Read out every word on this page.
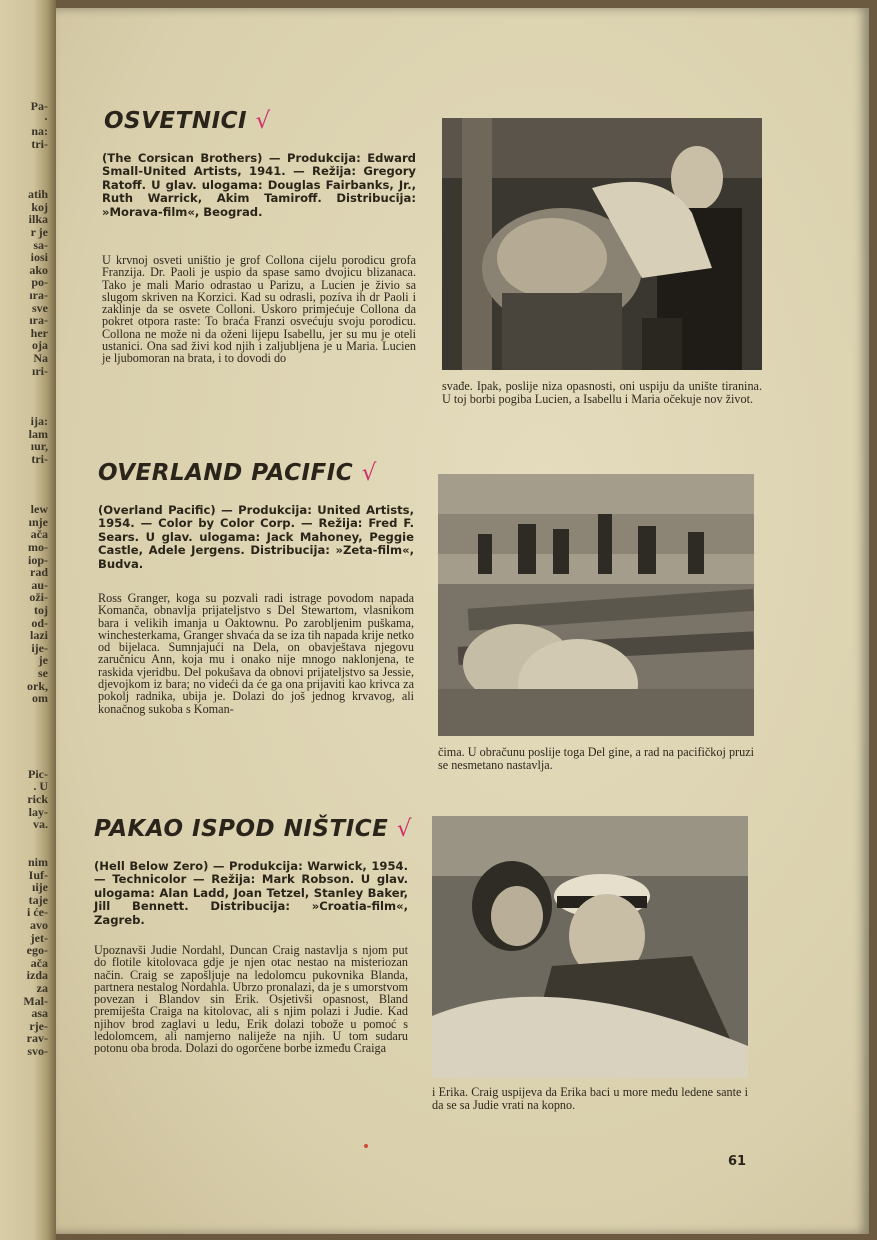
Pa-
·
na:
tri-
atih
koj
ilka
r je
sa-
iosi
ako
po-
ıra-
sve
ıra-
her
oja
Na
ıri-
ija:
lam
ıur,
tri-
lew
ınje
ača
mo-
iop-
rad
au-
oži-
toj
od-
lazi
ije-
je
se
ork,
om
Pic-
. U
rick
lay-
va.
nim
Iuf-
ıije
taje
i će-
avo
jet-
ego-
ača
izda
za
Mal-
asa
rje-
rav-
svo-
OSVETNICI √
(The Corsican Brothers) — Produkcija: Edward Small-United Artists, 1941. — Režija: Gregory Ratoff. U glav. ulogama: Douglas Fairbanks, Jr., Ruth Warrick, Akim Tamiroff. Distribucija: »Morava-film«, Beograd.
U krvnoj osveti uništio je grof Collona cijelu porodicu grofa Franzija. Dr. Paoli je uspio da spase samo dvojicu blizanaca. Tako je mali Mario odrastao u Parizu, a Lucien je živio sa slugom skriven na Korzici. Kad su odrasli, pozíva ih dr Paoli i zaklinje da se osvete Colloni. Uskoro primjećuje Collona da pokret otpora raste: To braća Franzi osvećuju svoju porodicu. Collona ne može ni da oženi lijepu Isabellu, jer su mu je oteli ustanici. Ona sad živi kod njih i zaljubljena je u Maria. Lucien je ljubomoran na brata, i to dovodi do
svađe. Ipak, poslije niza opasnosti, oni uspiju da unište tiranina. U toj borbi pogiba Lucien, a Isabellu i Maria očekuje nov život.
OVERLAND PACIFIC √
(Overland Pacific) — Produkcija: United Artists, 1954. — Color by Color Corp. — Režija: Fred F. Sears. U glav. ulogama: Jack Mahoney, Peggie Castle, Adele Jergens. Distribucija: »Zeta-film«, Budva.
Ross Granger, koga su pozvali radi istrage povodom napada Komanča, obnavlja prijateljstvo s Del Stewartom, vlasnikom bara i velikih imanja u Oaktownu. Po zarobljenim puškama, winchesterkama, Granger shvaća da se iza tih napada krije netko od bijelaca. Sumnjajući na Dela, on obavještava njegovu zaručnicu Ann, koja mu i onako nije mnogo naklonjena, te raskida vjeridbu. Del pokušava da obnovi prijateljstvo sa Jessie, djevojkom iz bara; no videći da će ga ona prijaviti kao krivca za pokolj radnika, ubija je. Dolazi do još jednog krvavog, ali konačnog sukoba s Koman-
čima. U obračunu poslije toga Del gine, a rad na pacifičkoj pruzi se nesmetano nastavlja.
PAKAO ISPOD NIŠTICE √
(Hell Below Zero) — Produkcija: Warwick, 1954. — Technicolor — Režija: Mark Robson. U glav. ulogama: Alan Ladd, Joan Tetzel, Stanley Baker, Jill Bennett. Distribucija: »Croatia-film«, Zagreb.
Upoznavši Judie Nordahl, Duncan Craig nastavlja s njom put do flotile kitolovaca gdje je njen otac nestao na misteriozan način. Craig se zapošljuje na ledolomcu pukovnika Blanda, partnera nestalog Nordahla. Ubrzo pronalazi, da je s umorstvom povezan i Blandov sin Erik. Osjetivši opasnost, Bland premiješta Craiga na kitolovac, ali s njim polazi i Judie. Kad njihov brod zaglavi u ledu, Erik dolazi tobože u pomoć s ledolomcem, ali namjerno naliježe na njih. U tom sudaru potonu oba broda. Dolazi do ogorčene borbe između Craiga
i Erika. Craig uspijeva da Erika baci u more među ledene sante i da se sa Judie vrati na kopno.
61
